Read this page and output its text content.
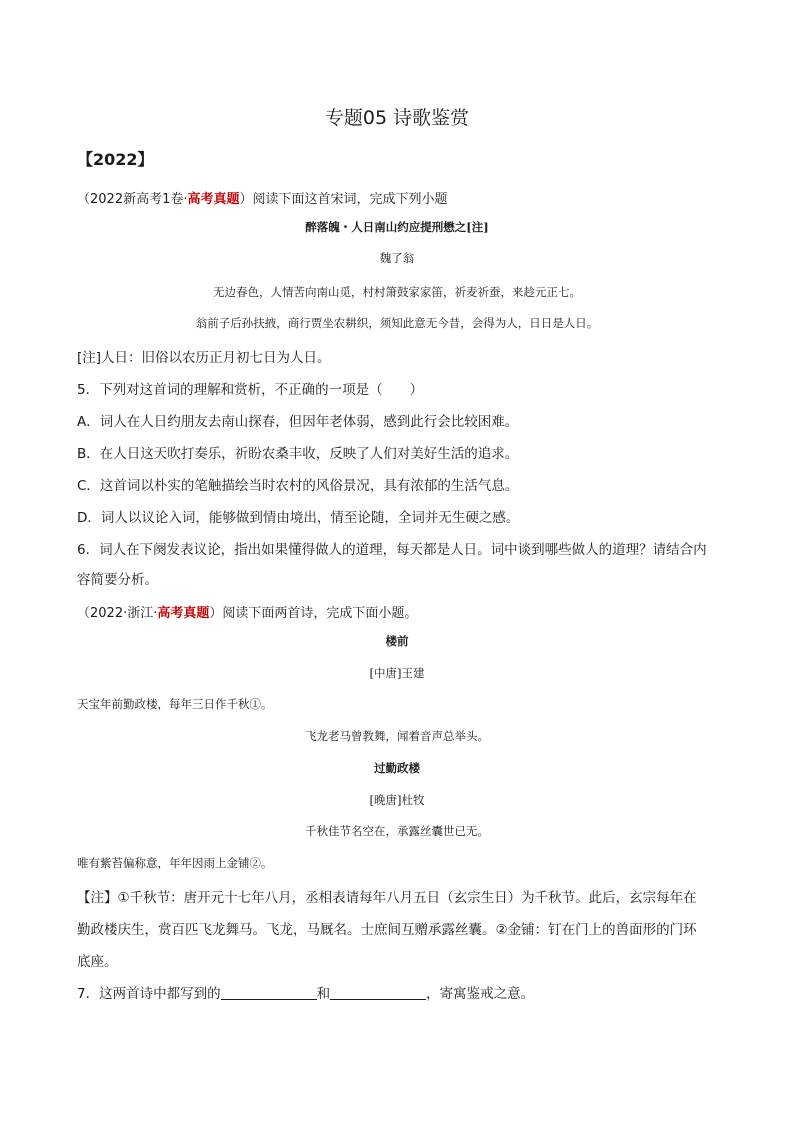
专题05 诗歌鉴赏
【2022】
（2022新高考1卷·高考真题）阅读下面这首宋词，完成下列小题
醉落魄・人日南山约应提刑懋之[注]
魏了翁
无边春色，人情苦向南山觅，村村箫鼓家家笛，祈麦祈蚕，来趁元正七。
翁前子后孙扶掖，商行贾坐农耕织，须知此意无今昔，会得为人，日日是人日。
[注]人日：旧俗以农历正月初七日为人日。
5．下列对这首词的理解和赏析，不正确的一项是（　　）
A．词人在人日约朋友去南山探春，但因年老体弱，感到此行会比较困难。
B．在人日这天吹打奏乐，祈盼农桑丰收，反映了人们对美好生活的追求。
C．这首词以朴实的笔触描绘当时农村的风俗景况，具有浓郁的生活气息。
D．词人以议论入词，能够做到情由境出，情至论随，全词并无生硬之感。
6．词人在下阕发表议论，指出如果懂得做人的道理，每天都是人日。词中谈到哪些做人的道理？请结合内
容简要分析。
（2022·浙江·高考真题）阅读下面两首诗，完成下面小题。
楼前
[中唐]王建
天宝年前勤政楼，每年三日作千秋①。
飞龙老马曾教舞，闻着音声总举头。
过勤政楼
[晚唐]杜牧
千秋佳节名空在，承露丝囊世已无。
唯有紫苔偏称意，年年因雨上金铺②。
【注】①千秋节：唐开元十七年八月，丞相表请每年八月五日（玄宗生日）为千秋节。此后，玄宗每年在
勤政楼庆生，赏百匹飞龙舞马。飞龙，马厩名。士庶间互赠承露丝囊。②金铺：钉在门上的兽面形的门环
底座。
7．这两首诗中都写到的	和	，寄寓鉴戒之意。
